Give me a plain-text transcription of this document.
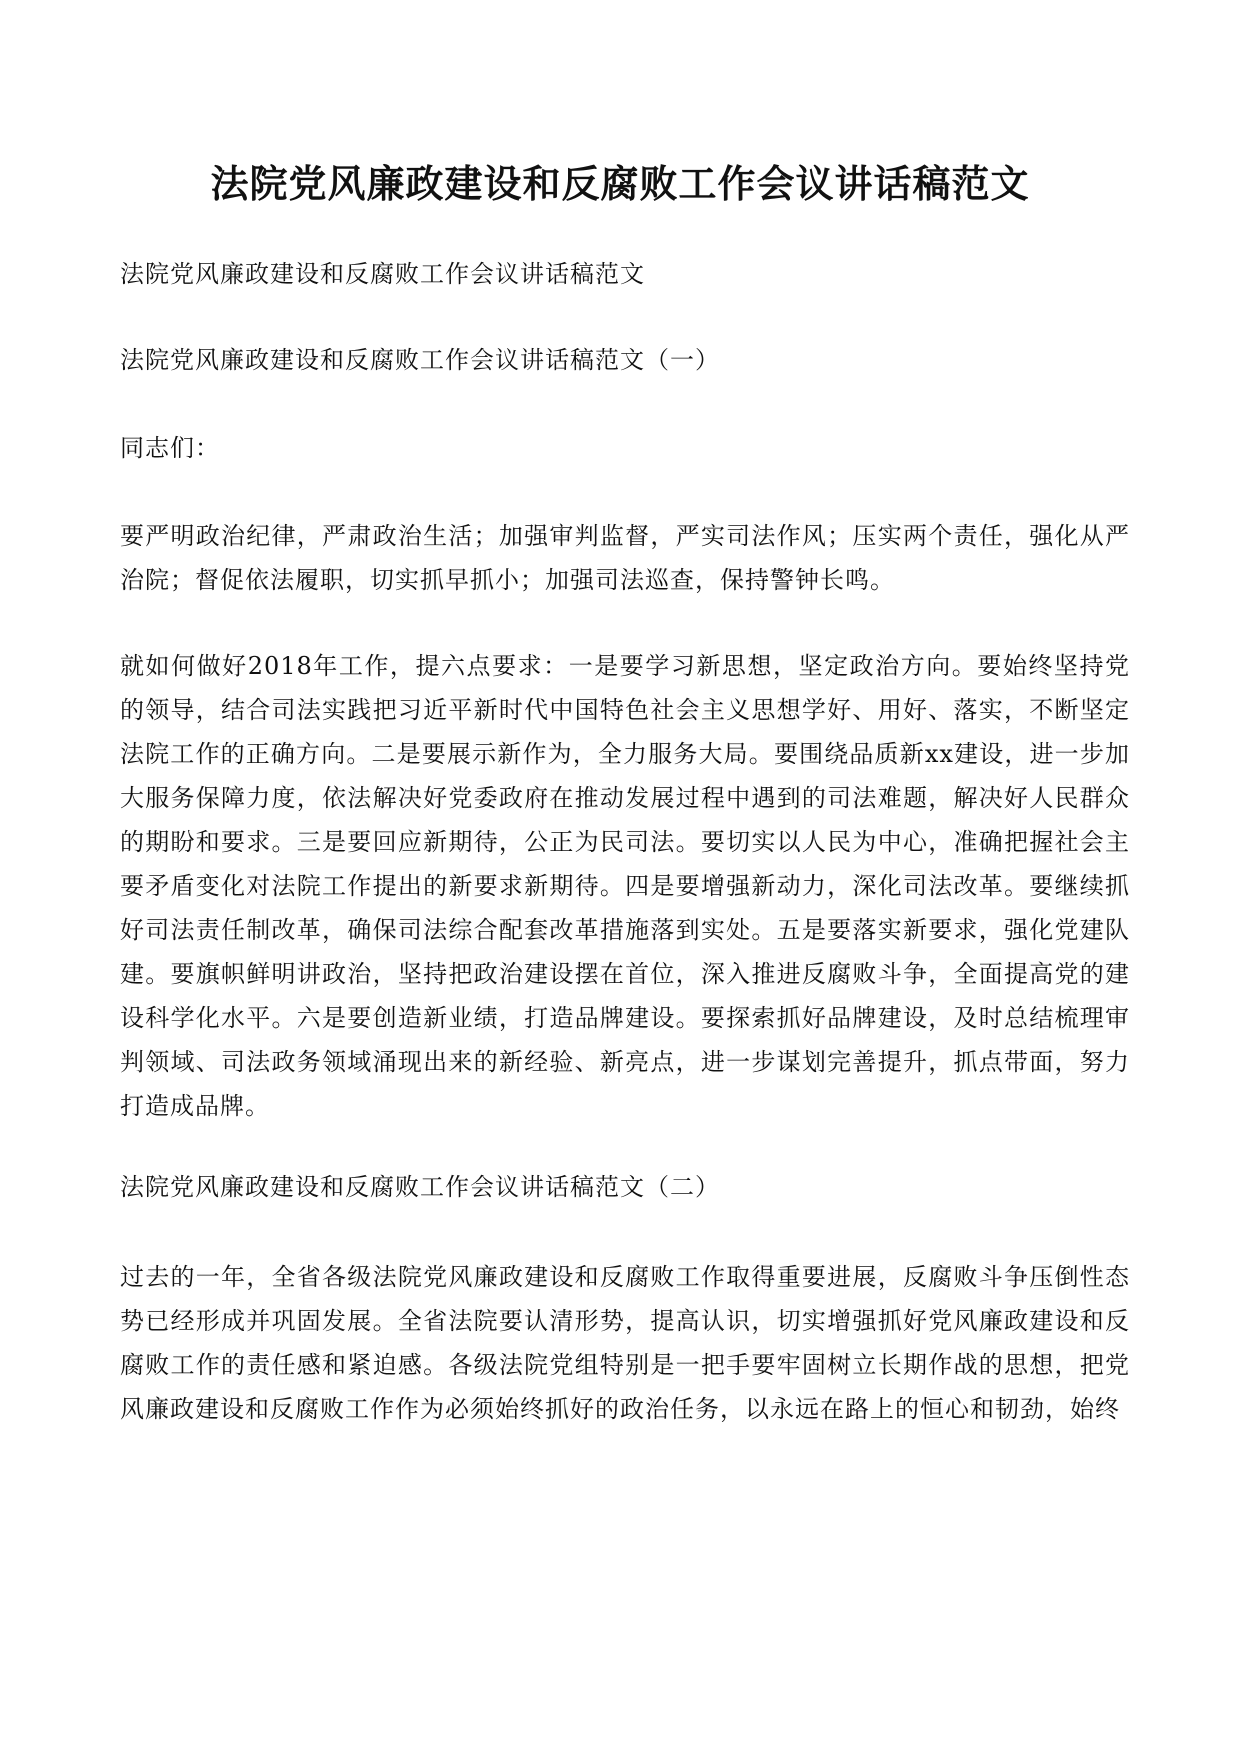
法院党风廉政建设和反腐败工作会议讲话稿范文

法院党风廉政建设和反腐败工作会议讲话稿范文

法院党风廉政建设和反腐败工作会议讲话稿范文（一）

同志们：

要严明政治纪律，严肃政治生活；加强审判监督，严实司法作风；压实两个责任，强化从严治院；督促依法履职，切实抓早抓小；加强司法巡查，保持警钟长鸣。

就如何做好2018年工作，提六点要求：一是要学习新思想，坚定政治方向。要始终坚持党的领导，结合司法实践把习近平新时代中国特色社会主义思想学好、用好、落实，不断坚定法院工作的正确方向。二是要展示新作为，全力服务大局。要围绕品质新xx建设，进一步加大服务保障力度，依法解决好党委政府在推动发展过程中遇到的司法难题，解决好人民群众的期盼和要求。三是要回应新期待，公正为民司法。要切实以人民为中心，准确把握社会主要矛盾变化对法院工作提出的新要求新期待。四是要增强新动力，深化司法改革。要继续抓好司法责任制改革，确保司法综合配套改革措施落到实处。五是要落实新要求，强化党建队建。要旗帜鲜明讲政治，坚持把政治建设摆在首位，深入推进反腐败斗争，全面提高党的建设科学化水平。六是要创造新业绩，打造品牌建设。要探索抓好品牌建设，及时总结梳理审判领域、司法政务领域涌现出来的新经验、新亮点，进一步谋划完善提升，抓点带面，努力打造成品牌。

法院党风廉政建设和反腐败工作会议讲话稿范文（二）

过去的一年，全省各级法院党风廉政建设和反腐败工作取得重要进展，反腐败斗争压倒性态势已经形成并巩固发展。全省法院要认清形势，提高认识，切实增强抓好党风廉政建设和反腐败工作的责任感和紧迫感。各级法院党组特别是一把手要牢固树立长期作战的思想，把党风廉政建设和反腐败工作作为必须始终抓好的政治任务，以永远在路上的恒心和韧劲，始终
